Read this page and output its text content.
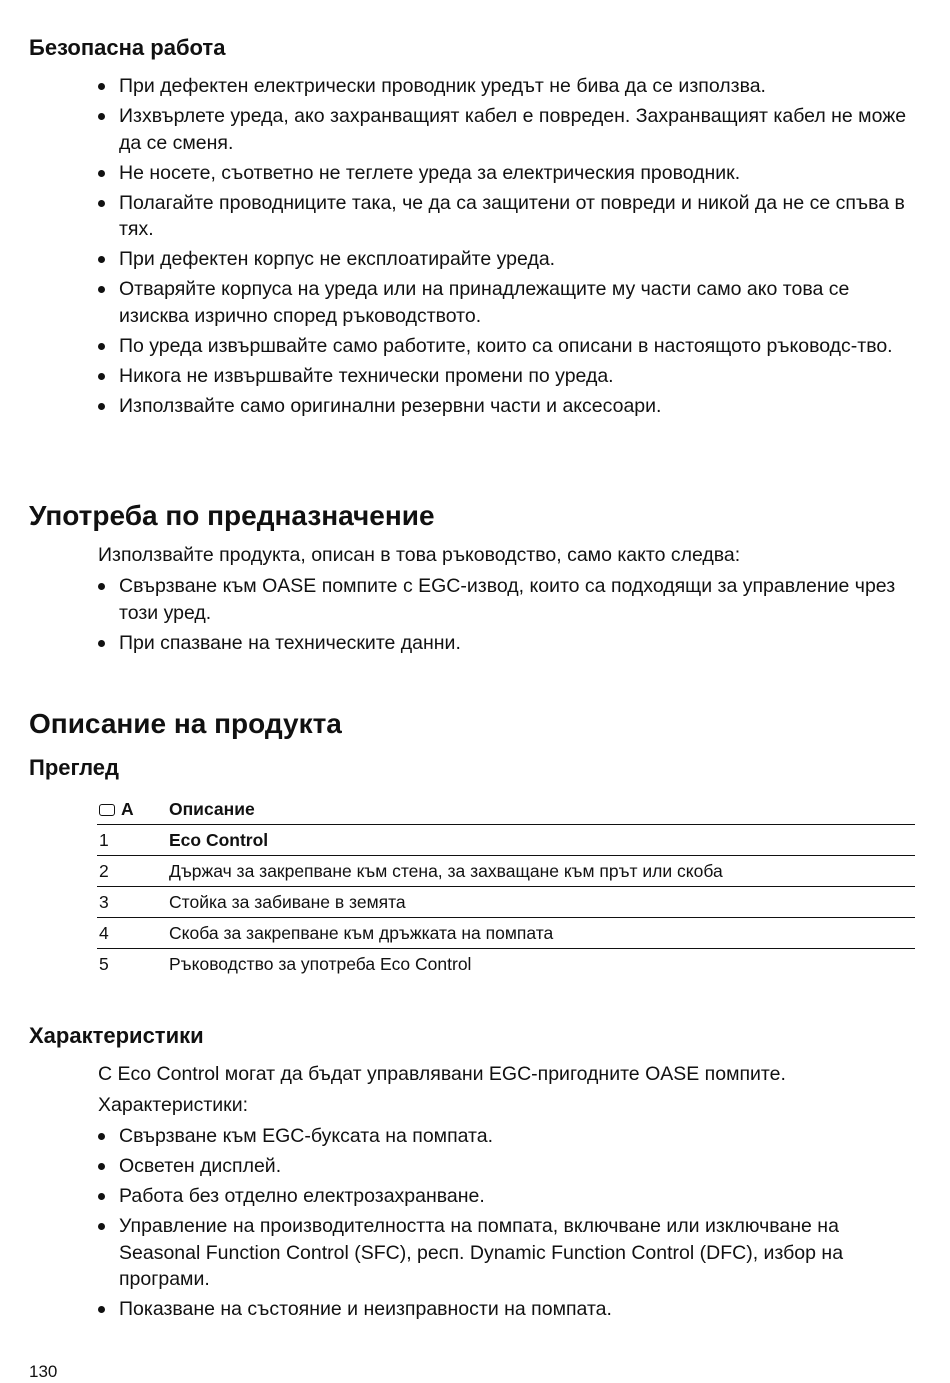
Безопасна работа
При дефектен електрически проводник уредът не бива да се използва.
Изхвърлете уреда, ако захранващият кабел е повреден. Захранващият кабел не може да се сменя.
Не носете, съответно не теглете уреда за електрическия проводник.
Полагайте проводниците така, че да са защитени от повреди и никой да не се спъва в тях.
При дефектен корпус не експлоатирайте уреда.
Отваряйте корпуса на уреда или на принадлежащите му части само ако това се изисква изрично според ръководството.
По уреда извършвайте само работите, които са описани в настоящото ръководс-тво.
Никога не извършвайте технически промени по уреда.
Използвайте само оригинални резервни части и аксесоари.
Употреба по предназначение

Използвайте продукта, описан в това ръководство, само както следва:

Свързване към OASE помпите с EGC-извод, които са подходящи за управление чрез този уред.
При спазване на техническите данни.
Описание на продукта
Преглед
A	Описание
1	Eco Control
2	Държач за закрепване към стена, за захващане към прът или скоба
3	Стойка за забиване в земята
4	Скоба за закрепване към дръжката на помпата
5	Ръководство за употреба Eco Control
Характеристики

С Eco Control могат да бъдат управлявани EGC-пригодните OASE помпите.

Характеристики:

Свързване към EGC-буксата на помпата.
Осветен дисплей.
Работа без отделно електрозахранване.
Управление на производителността на помпата, включване или изключване на Seasonal Function Control (SFC), респ. Dynamic Function Control (DFC), избор на програми.
Показване на състояние и неизправности на помпата.
130
